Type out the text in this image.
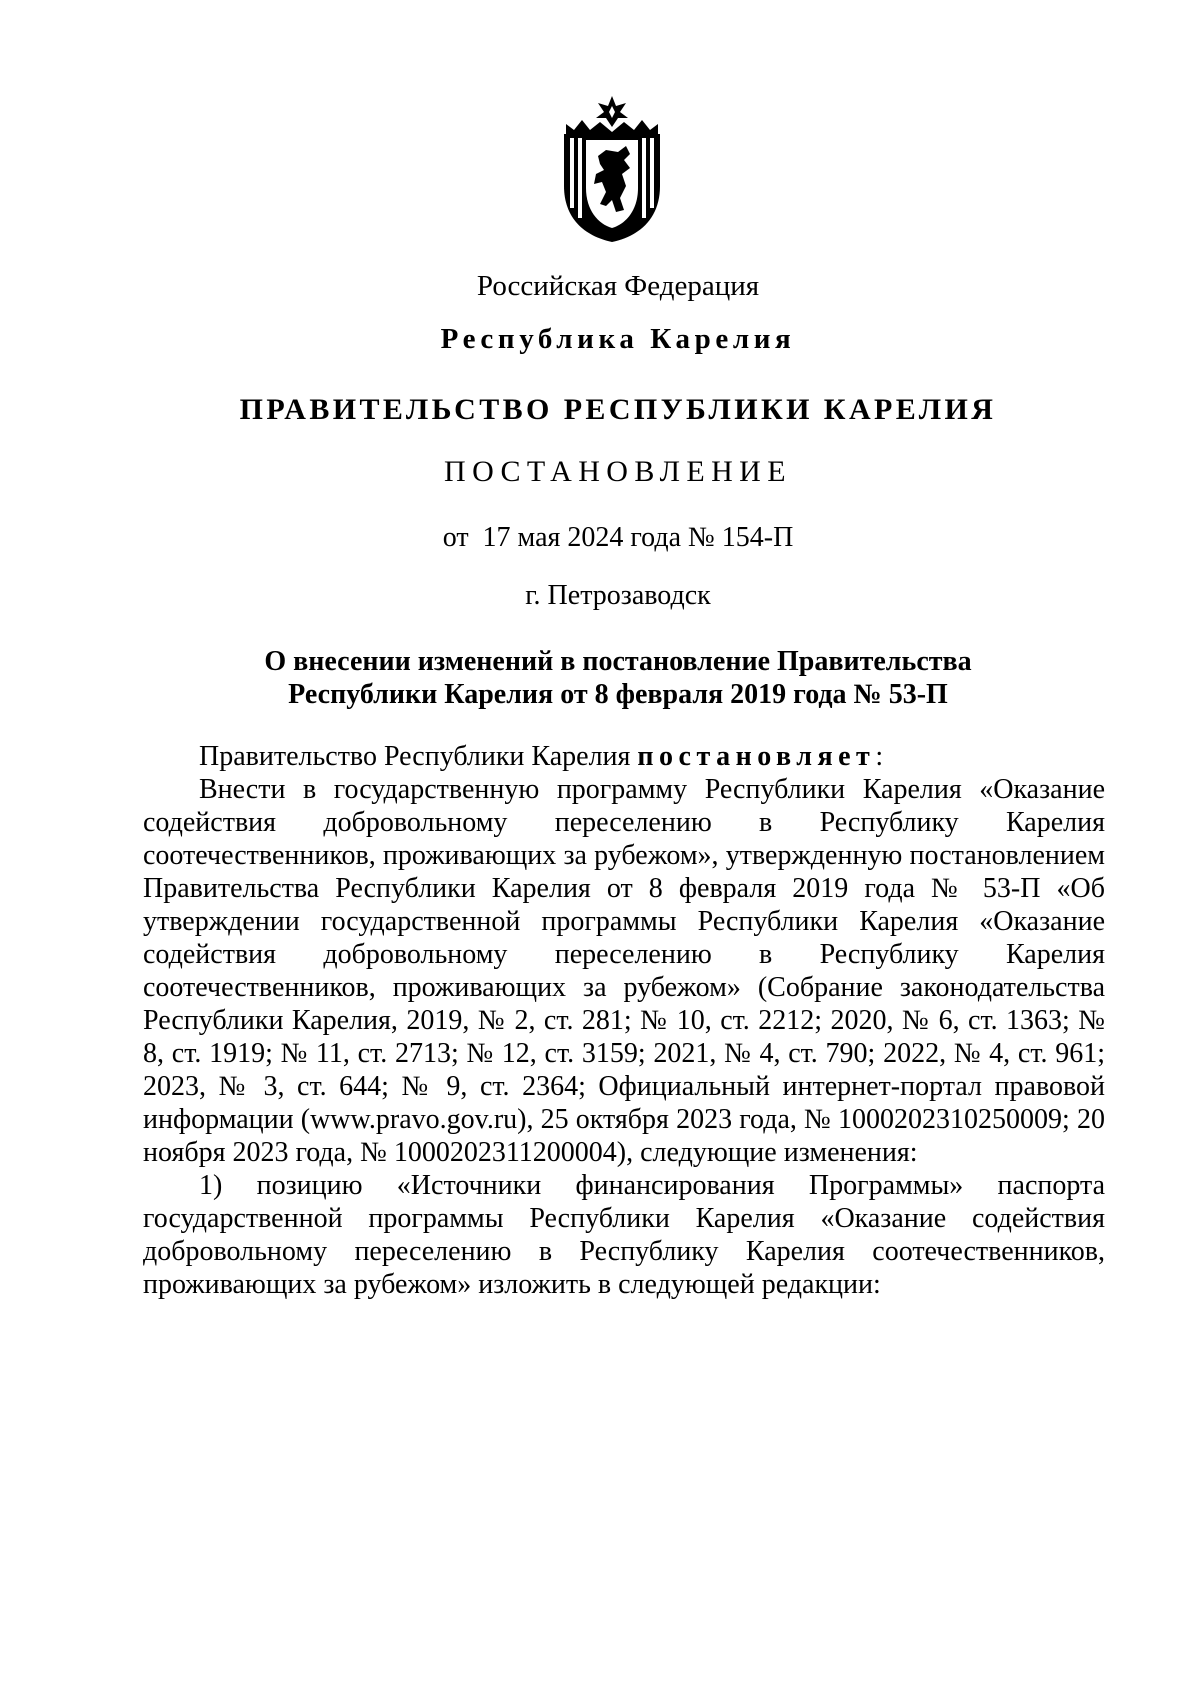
Российская Федерация
Республика Карелия
ПРАВИТЕЛЬСТВО РЕСПУБЛИКИ КАРЕЛИЯ
ПОСТАНОВЛЕНИЕ
от  17 мая 2024 года № 154-П
г. Петрозаводск
О внесении изменений в постановление Правительства
Республики Карелия от 8 февраля 2019 года № 53-П

Правительство Республики Карелия постановляет:

Внести в государственную программу Республики Карелия «Оказание содействия добровольному переселению в Республику Карелия соотечественников, проживающих за рубежом», утвержденную постановлением Правительства Республики Карелия от 8 февраля 2019 года № 53-П «Об утверждении государственной программы Республики Карелия «Оказание содействия добровольному переселению в Республику Карелия соотечественников, проживающих за рубежом» (Собрание законодательства Республики Карелия, 2019, № 2, ст. 281; № 10, ст. 2212; 2020, № 6, ст. 1363; № 8, ст. 1919; № 11, ст. 2713; № 12, ст. 3159; 2021, № 4, ст. 790; 2022, № 4, ст. 961; 2023, № 3, ст. 644; № 9, ст. 2364; Официальный интернет-портал правовой информации (www.pravo.gov.ru), 25 октября 2023 года, № 1000202310250009; 20 ноября 2023 года, № 1000202311200004), следующие изменения:

1) позицию «Источники финансирования Программы» паспорта государственной программы Республики Карелия «Оказание содействия добровольному переселению в Республику Карелия соотечественников, проживающих за рубежом» изложить в следующей редакции:
